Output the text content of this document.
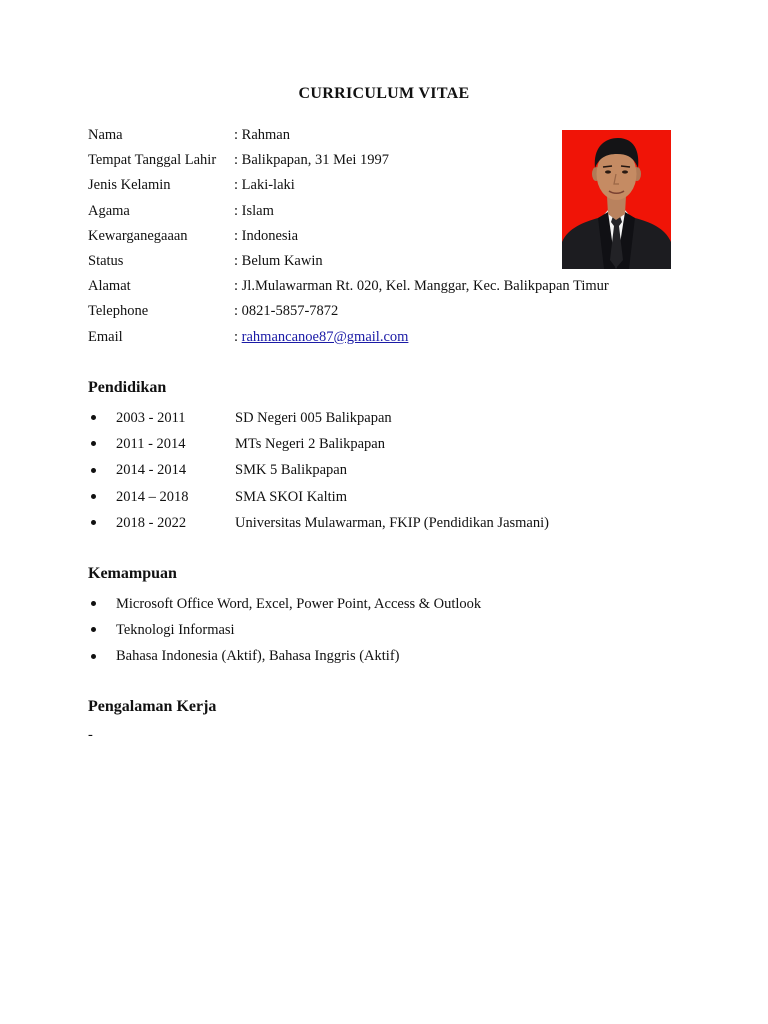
CURRICULUM VITAE
Nama	: Rahman
Tempat Tanggal Lahir	: Balikpapan, 31 Mei 1997
Jenis Kelamin	: Laki-laki
Agama	: Islam
Kewarganegaaan	: Indonesia
Status	: Belum Kawin
Alamat	: Jl.Mulawarman Rt. 020, Kel. Manggar, Kec. Balikpapan Timur
Telephone	: 0821-5857-7872
Email	: rahmancanoe87@gmail.com
Pendidikan
2003 - 2011	SD Negeri 005 Balikpapan
2011 - 2014	MTs Negeri 2 Balikpapan
2014 - 2014	SMK 5 Balikpapan
2014 – 2018	SMA SKOI Kaltim
2018 - 2022	Universitas Mulawarman, FKIP (Pendidikan Jasmani)
Kemampuan
Microsoft Office Word, Excel, Power Point, Access & Outlook
Teknologi Informasi
Bahasa Indonesia (Aktif), Bahasa Inggris (Aktif)
Pengalaman Kerja
-
